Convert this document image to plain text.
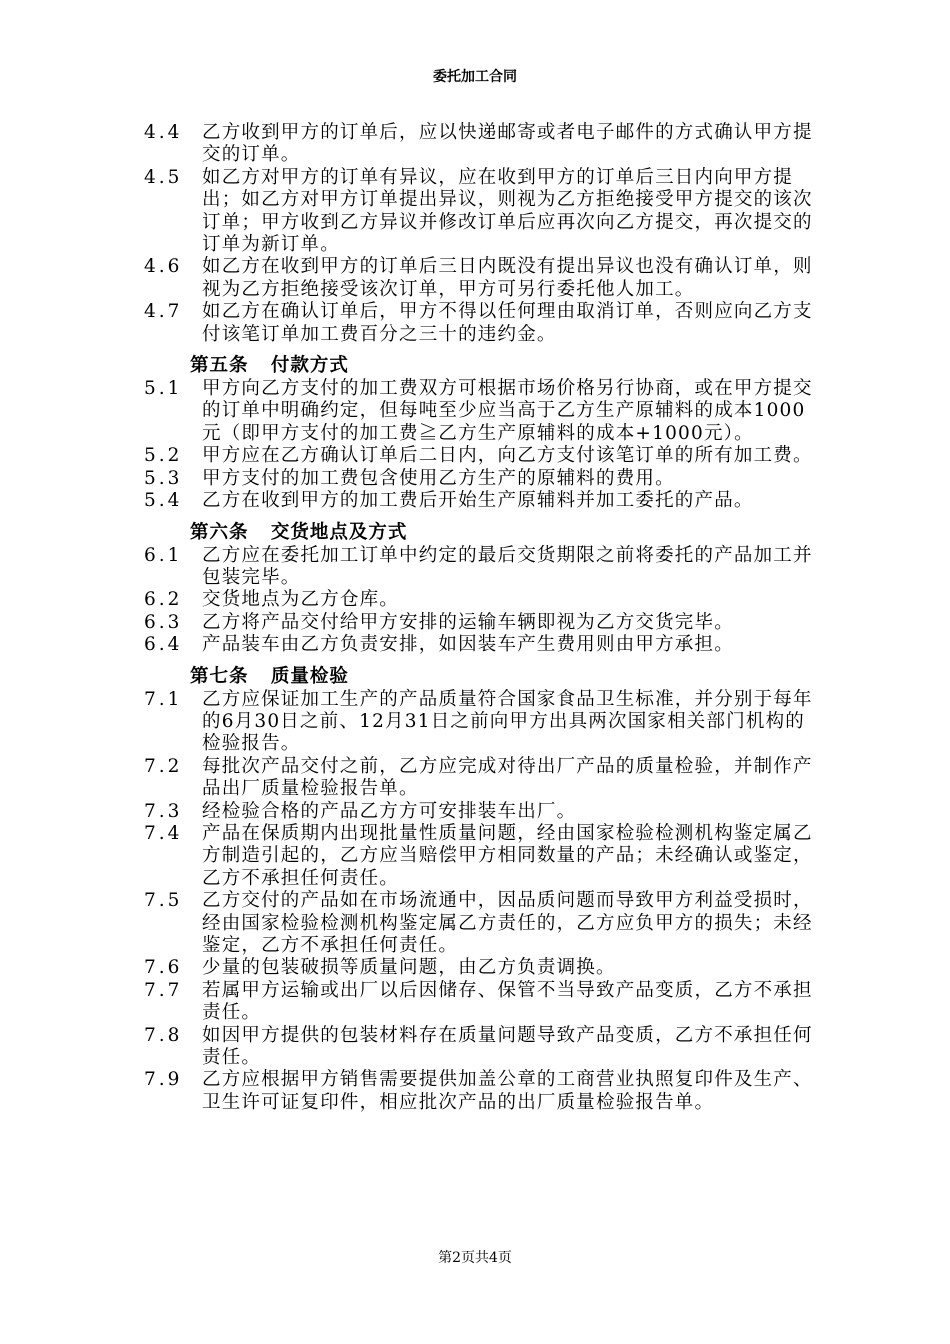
委托加工合同
4.4	乙方收到甲方的订单后，应以快递邮寄或者电子邮件的方式确认甲方提交的订单。
4.5	如乙方对甲方的订单有异议，应在收到甲方的订单后三日内向甲方提出；如乙方对甲方订单提出异议，则视为乙方拒绝接受甲方提交的该次订单；甲方收到乙方异议并修改订单后应再次向乙方提交，再次提交的订单为新订单。
4.6	如乙方在收到甲方的订单后三日内既没有提出异议也没有确认订单，则视为乙方拒绝接受该次订单，甲方可另行委托他人加工。
4.7	如乙方在确认订单后，甲方不得以任何理由取消订单，否则应向乙方支付该笔订单加工费百分之三十的违约金。
第五条   付款方式
5.1	甲方向乙方支付的加工费双方可根据市场价格另行协商，或在甲方提交的订单中明确约定，但每吨至少应当高于乙方生产原辅料的成本1000元（即甲方支付的加工费≧乙方生产原辅料的成本+1000元）。
5.2	甲方应在乙方确认订单后二日内，向乙方支付该笔订单的所有加工费。
5.3	甲方支付的加工费包含使用乙方生产的原辅料的费用。
5.4	乙方在收到甲方的加工费后开始生产原辅料并加工委托的产品。
第六条   交货地点及方式
6.1	乙方应在委托加工订单中约定的最后交货期限之前将委托的产品加工并包装完毕。
6.2	交货地点为乙方仓库。
6.3	乙方将产品交付给甲方安排的运输车辆即视为乙方交货完毕。
6.4	产品装车由乙方负责安排，如因装车产生费用则由甲方承担。
第七条   质量检验
7.1	乙方应保证加工生产的产品质量符合国家食品卫生标准，并分别于每年的6月30日之前、12月31日之前向甲方出具两次国家相关部门机构的检验报告。
7.2	每批次产品交付之前，乙方应完成对待出厂产品的质量检验，并制作产品出厂质量检验报告单。
7.3	经检验合格的产品乙方方可安排装车出厂。
7.4	产品在保质期内出现批量性质量问题，经由国家检验检测机构鉴定属乙方制造引起的，乙方应当赔偿甲方相同数量的产品；未经确认或鉴定，乙方不承担任何责任。
7.5	乙方交付的产品如在市场流通中，因品质问题而导致甲方利益受损时，经由国家检验检测机构鉴定属乙方责任的，乙方应负甲方的损失；未经鉴定，乙方不承担任何责任。
7.6	少量的包装破损等质量问题，由乙方负责调换。
7.7	若属甲方运输或出厂以后因储存、保管不当导致产品变质，乙方不承担责任。
7.8	如因甲方提供的包装材料存在质量问题导致产品变质，乙方不承担任何责任。
7.9	乙方应根据甲方销售需要提供加盖公章的工商营业执照复印件及生产、卫生许可证复印件，相应批次产品的出厂质量检验报告单。
第2页共4页
